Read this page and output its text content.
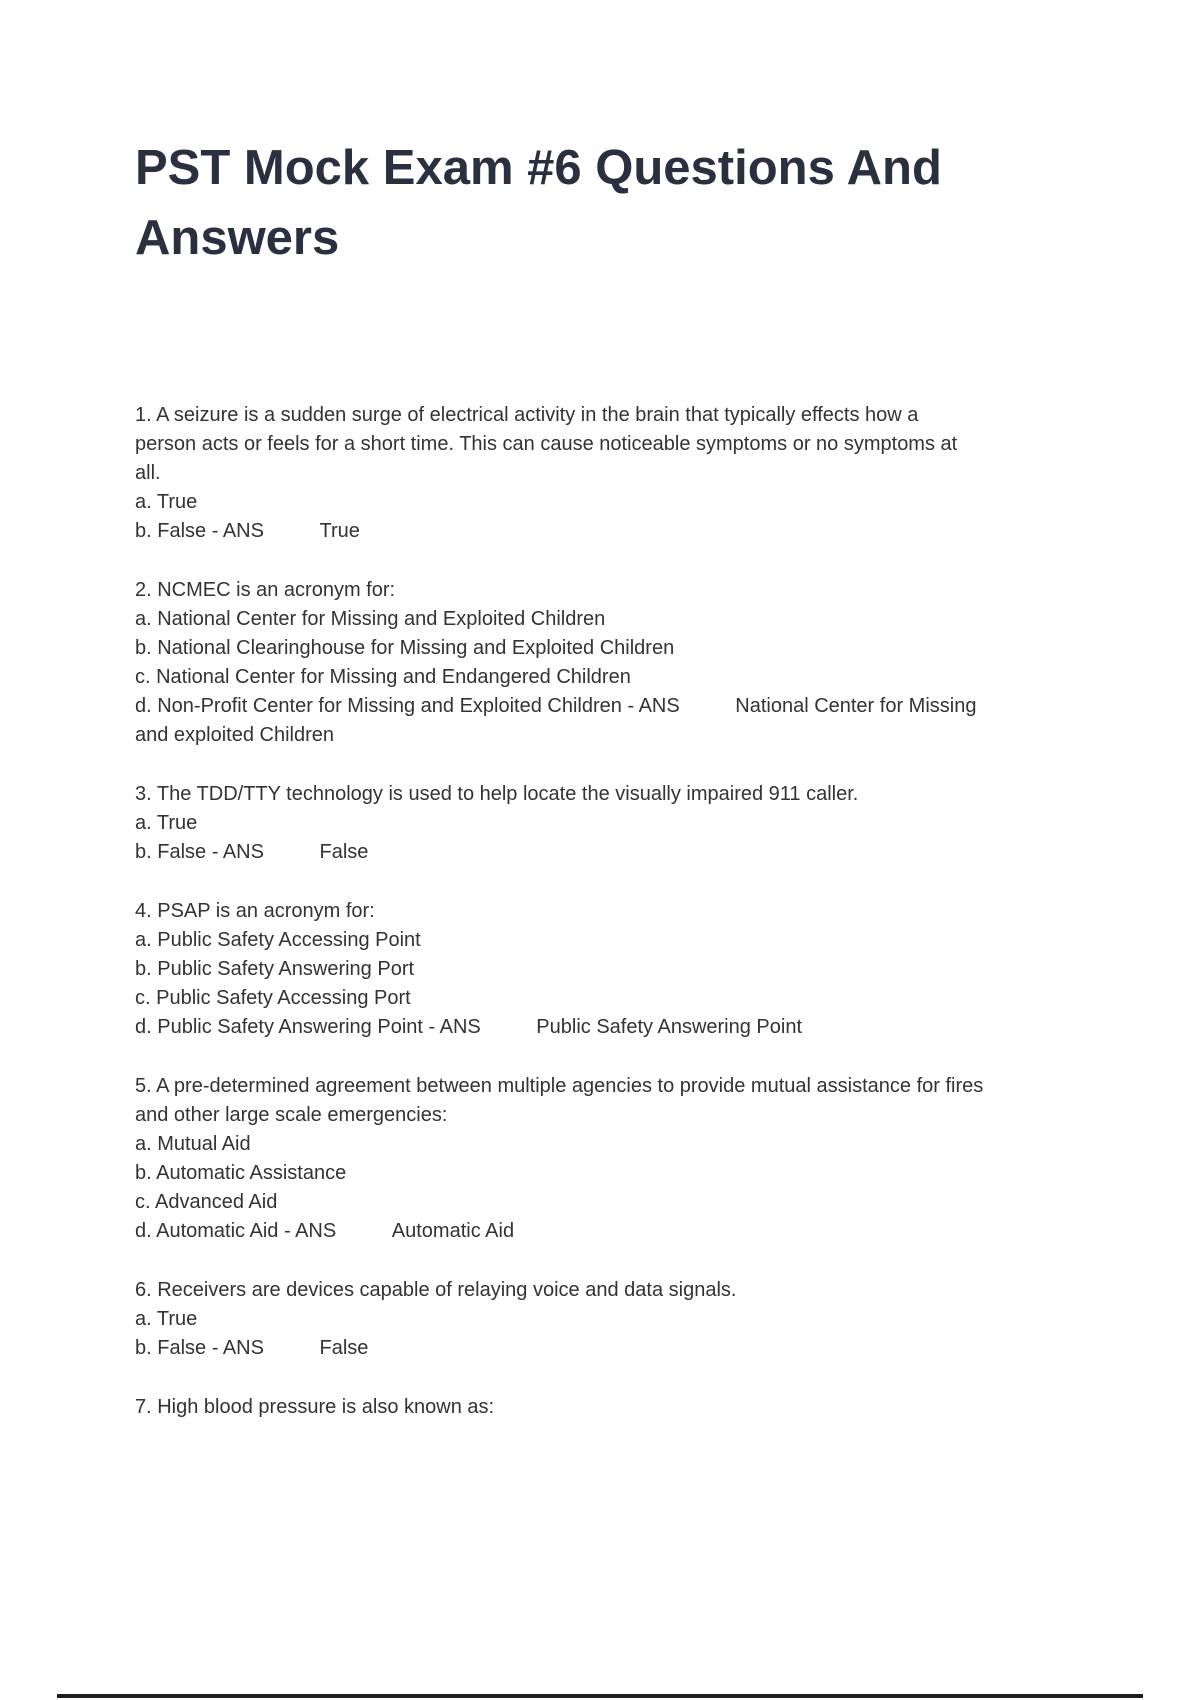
PST Mock Exam #6 Questions And
Answers
1. A seizure is a sudden surge of electrical activity in the brain that typically effects how a
person acts or feels for a short time. This can cause noticeable symptoms or no symptoms at
all.
a. True
b. False - ANS          True
2. NCMEC is an acronym for:
a. National Center for Missing and Exploited Children
b. National Clearinghouse for Missing and Exploited Children
c. National Center for Missing and Endangered Children
d. Non-Profit Center for Missing and Exploited Children - ANS          National Center for Missing
and exploited Children
3. The TDD/TTY technology is used to help locate the visually impaired 911 caller.
a. True
b. False - ANS          False
4. PSAP is an acronym for:
a. Public Safety Accessing Point
b. Public Safety Answering Port
c. Public Safety Accessing Port
d. Public Safety Answering Point - ANS          Public Safety Answering Point
5. A pre-determined agreement between multiple agencies to provide mutual assistance for fires
and other large scale emergencies:
a. Mutual Aid
b. Automatic Assistance
c. Advanced Aid
d. Automatic Aid - ANS          Automatic Aid
6. Receivers are devices capable of relaying voice and data signals.
a. True
b. False - ANS          False
7. High blood pressure is also known as:
